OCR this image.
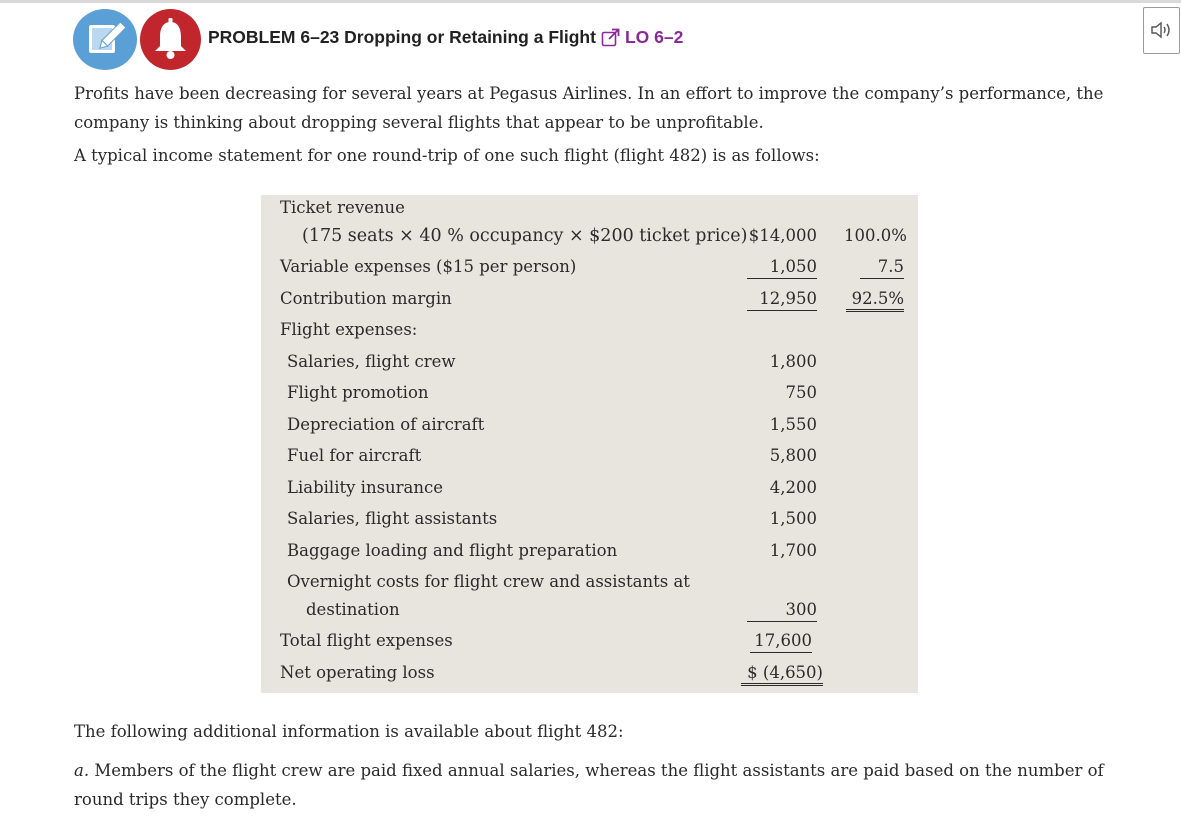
PROBLEM 6–23 Dropping or Retaining a Flight LO 6–2
Profits have been decreasing for several years at Pegasus Airlines. In an effort to improve the company’s performance, the company is thinking about dropping several flights that appear to be unprofitable.
A typical income statement for one round-trip of one such flight (flight 482) is as follows:
Ticket revenue
(175 seats × 40 % occupancy × $200 ticket price) $14,000 100.0%
Variable expenses ($15 per person)	1,050	7.5
Contribution margin	12,950	92.5%
Flight expenses:
Salaries, flight crew	1,800
Flight promotion	750
Depreciation of aircraft	1,550
Fuel for aircraft	5,800
Liability insurance	4,200
Salaries, flight assistants	1,500
Baggage loading and flight preparation	1,700
Overnight costs for flight crew and assistants at
destination	300
Total flight expenses	17,600
Net operating loss	$ (4,650)
The following additional information is available about flight 482:
a. Members of the flight crew are paid fixed annual salaries, whereas the flight assistants are paid based on the number of round trips they complete.
